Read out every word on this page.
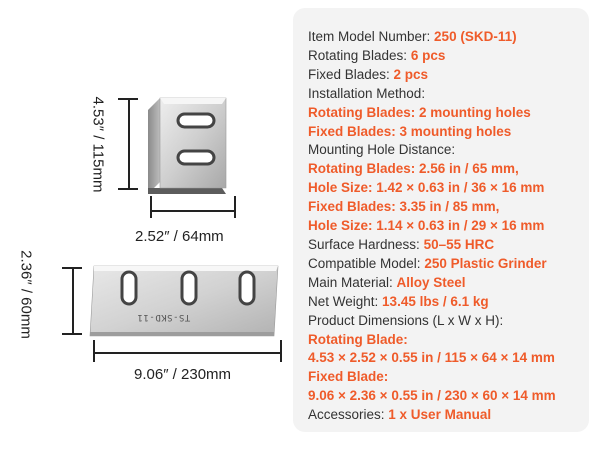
4.53″ / 115mm
2.52″ / 64mm
TS-SKD-11
2.36″ / 60mm
9.06″ / 230mm
Item Model Number: 250 (SKD-11)
Rotating Blades: 6 pcs
Fixed Blades: 2 pcs
Installation Method:
Rotating Blades: 2 mounting holes
Fixed Blades: 3 mounting holes
Mounting Hole Distance:
Rotating Blades: 2.56 in / 65 mm,
Hole Size: 1.42 × 0.63 in / 36 × 16 mm
Fixed Blades: 3.35 in / 85 mm,
Hole Size: 1.14 × 0.63 in / 29 × 16 mm
Surface Hardness: 50–55 HRC
Compatible Model: 250 Plastic Grinder
Main Material: Alloy Steel
Net Weight: 13.45 lbs / 6.1 kg
Product Dimensions (L x W x H):
Rotating Blade:
4.53 × 2.52 × 0.55 in / 115 × 64 × 14 mm
Fixed Blade:
9.06 × 2.36 × 0.55 in / 230 × 60 × 14 mm
Accessories: 1 x User Manual
